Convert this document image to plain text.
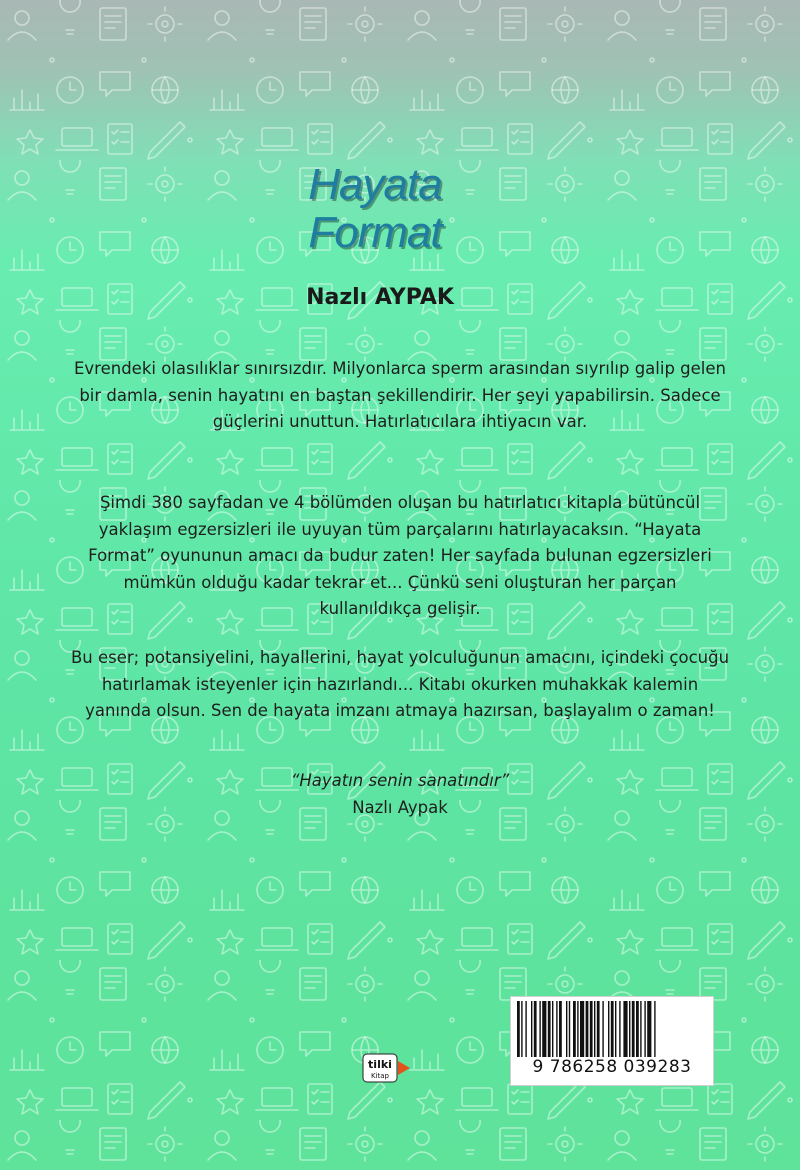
Hayata
Format
Nazlı AYPAK
Evrendeki olasılıklar sınırsızdır. Milyonlarca sperm arasından sıyrılıp galip gelen bir damla, senin hayatını en baştan şekillendirir. Her şeyi yapabilirsin. Sadece güçlerini unuttun. Hatırlatıcılara ihtiyacın var.
Şimdi 380 sayfadan ve 4 bölümden oluşan bu hatırlatıcı kitapla bütüncül yaklaşım egzersizleri ile uyuyan tüm parçalarını hatırlayacaksın. “Hayata Format” oyununun amacı da budur zaten! Her sayfada bulunan egzersizleri mümkün olduğu kadar tekrar et... Çünkü seni oluşturan her parçan kullanıldıkça gelişir.
Bu eser; potansiyelini, hayallerini, hayat yolculuğunun amacını, içindeki çocuğu hatırlamak isteyenler için hazırlandı... Kitabı okurken muhakkak kalemin yanında olsun. Sen de hayata imzanı atmaya hazırsan, başlayalım o zaman!
“Hayatın senin sanatındır”
Nazlı Aypak
tilki
Kitap	9 786258 039283
